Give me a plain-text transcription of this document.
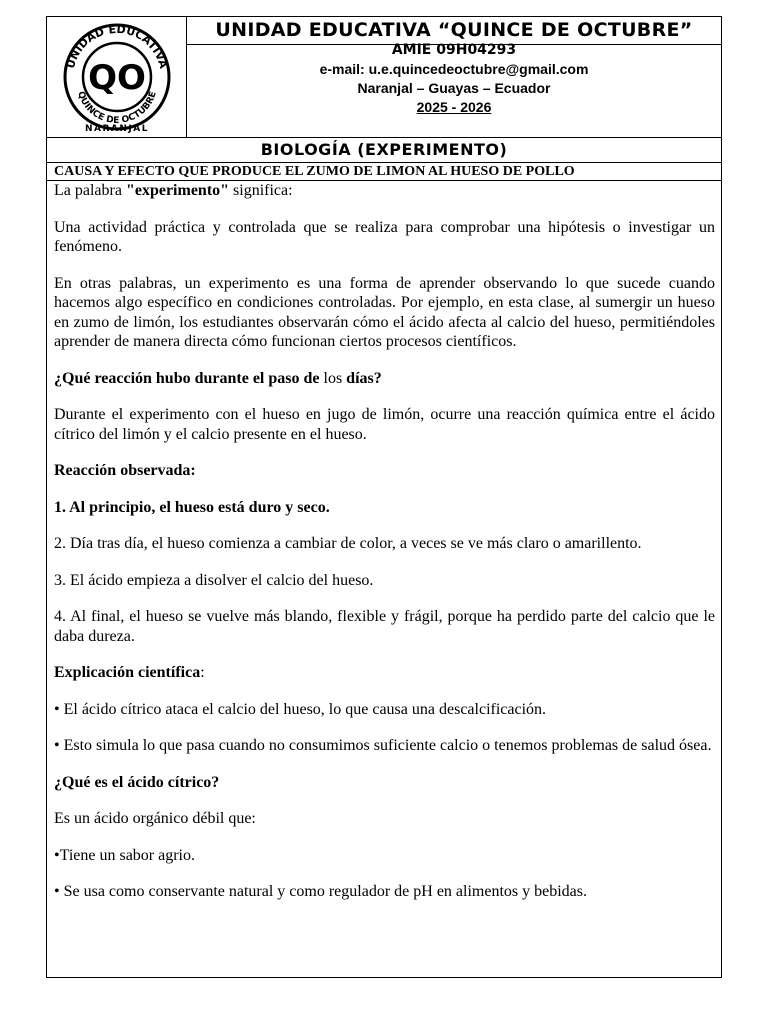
UNIDAD EDUCATIVA
QUINCE DE OCTUBRE
QO
NARANJAL
UNIDAD EDUCATIVA “QUINCE DE OCTUBRE”
AMIE 09H04293
e-mail: u.e.quincedeoctubre@gmail.com
Naranjal – Guayas – Ecuador
2025 - 2026
BIOLOGÍA (EXPERIMENTO)
CAUSA Y EFECTO QUE PRODUCE EL ZUMO DE LIMON AL HUESO DE POLLO

La palabra "experimento" significa:

Una actividad práctica y controlada que se realiza para comprobar una hipótesis o investigar un fenómeno.

En otras palabras, un experimento es una forma de aprender observando lo que sucede cuando hacemos algo específico en condiciones controladas. Por ejemplo, en esta clase, al sumergir un hueso en zumo de limón, los estudiantes observarán cómo el ácido afecta al calcio del hueso, permitiéndoles aprender de manera directa cómo funcionan ciertos procesos científicos.

¿Qué reacción hubo durante el paso de los días?

Durante el experimento con el hueso en jugo de limón, ocurre una reacción química entre el ácido cítrico del limón y el calcio presente en el hueso.

Reacción observada:

1. Al principio, el hueso está duro y seco.

2. Día tras día, el hueso comienza a cambiar de color, a veces se ve más claro o amarillento.

3. El ácido empieza a disolver el calcio del hueso.

4. Al final, el hueso se vuelve más blando, flexible y frágil, porque ha perdido parte del calcio que le daba dureza.

Explicación científica:

• El ácido cítrico ataca el calcio del hueso, lo que causa una descalcificación.

• Esto simula lo que pasa cuando no consumimos suficiente calcio o tenemos problemas de salud ósea.

¿Qué es el ácido cítrico?

Es un ácido orgánico débil que:

•Tiene un sabor agrio.

• Se usa como conservante natural y como regulador de pH en alimentos y bebidas.
